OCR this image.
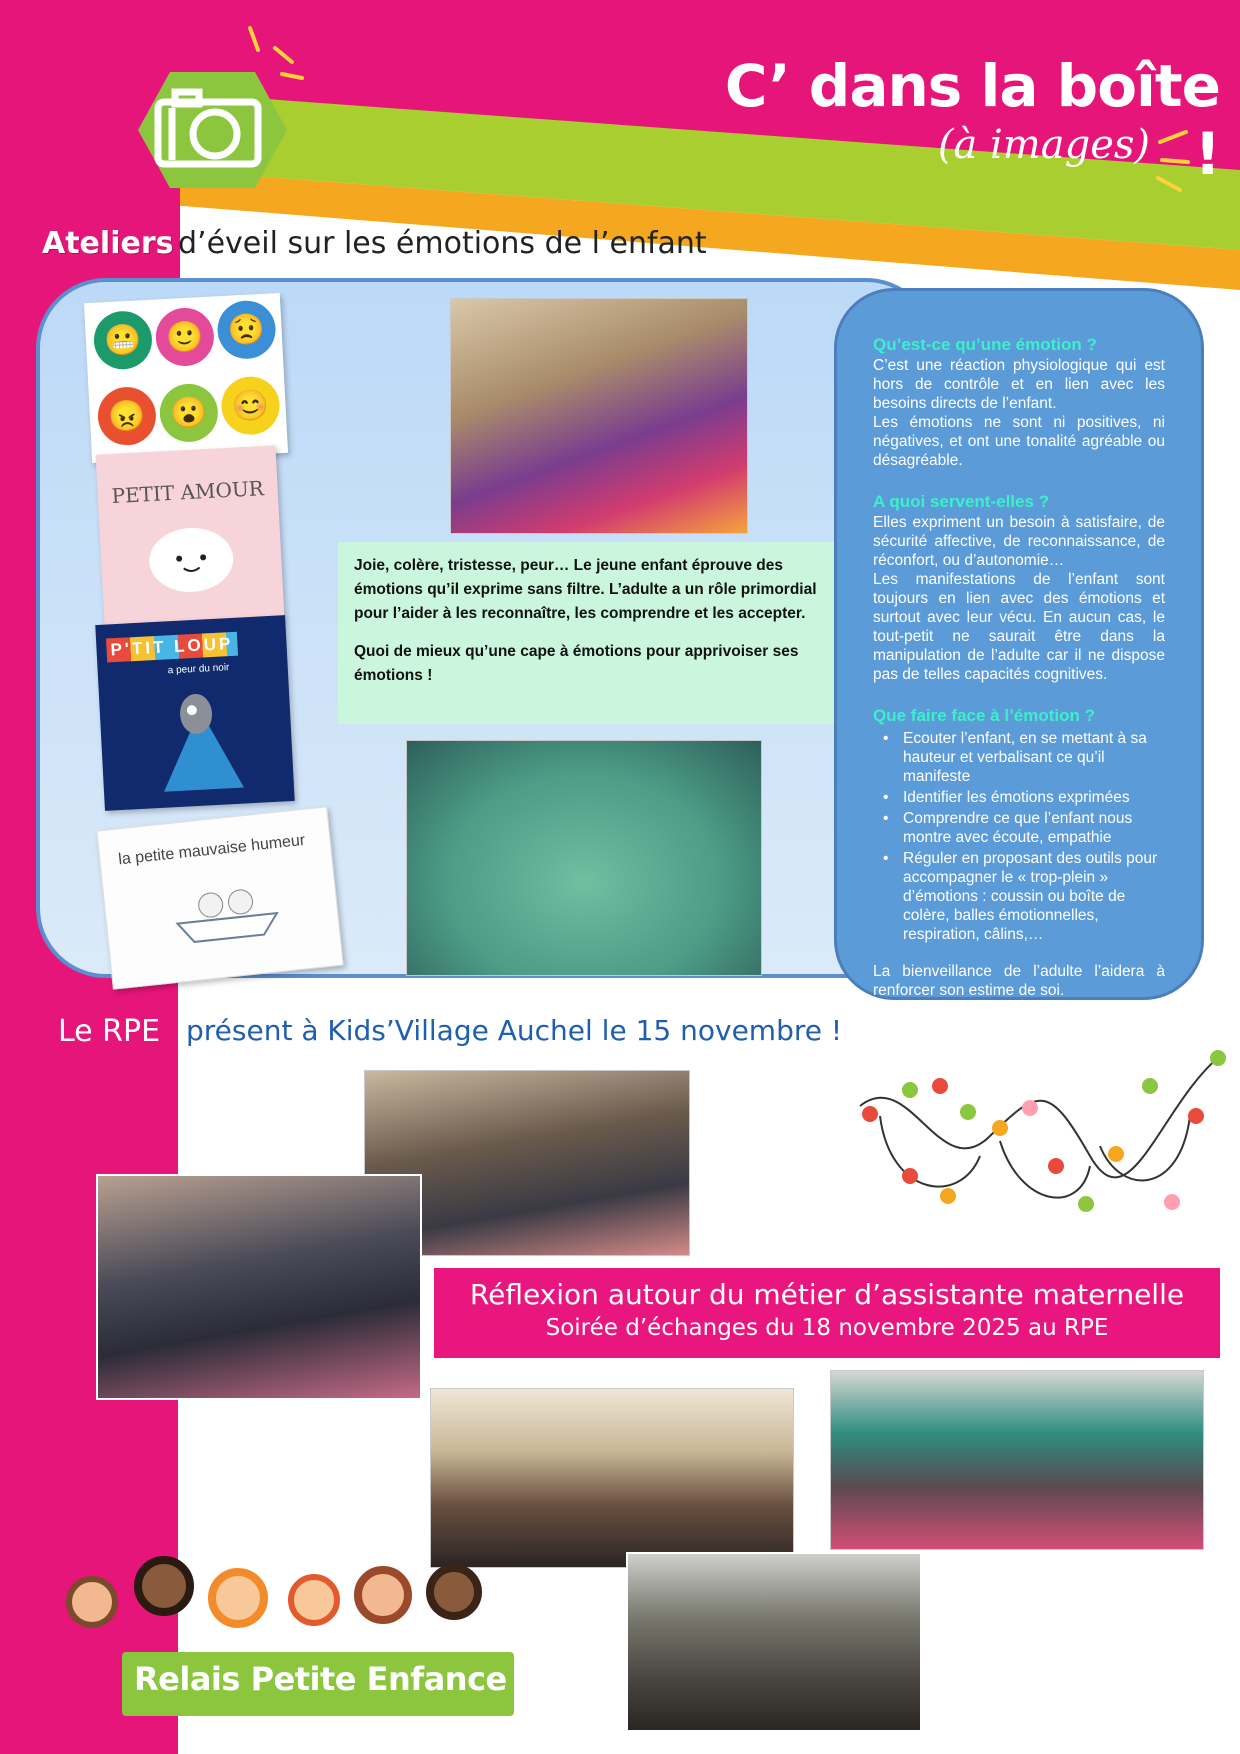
C’ dans la boîte !
(à images)
Ateliers d’éveil sur les émotions de l’enfant
😬 🙂 😟
😠 😮 😊
PETIT AMOUR
P'TIT LOUP
a peur du noir
la petite mauvaise humeur

Joie, colère, tristesse, peur… Le jeune enfant éprouve des émotions qu’il exprime sans filtre. L’adulte a un rôle primordial pour l’aider à les reconnaître, les comprendre et les accepter.

Quoi de mieux qu’une cape à émotions pour apprivoiser ses émotions !

Qu’est-ce qu’une émotion ?
C’est une réaction physiologique qui est hors de contrôle et en lien avec les besoins directs de l’enfant.
Les émotions ne sont ni positives, ni négatives, et ont une tonalité agréable ou désagréable.
A quoi servent-elles ?
Elles expriment un besoin à satisfaire, de sécurité affective, de reconnaissance, de réconfort, ou d’autonomie…
Les manifestations de l’enfant sont toujours en lien avec des émotions et surtout avec leur vécu. En aucun cas, le tout-petit ne saurait être dans la manipulation de l’adulte car il ne dispose pas de telles capacités cognitives.
Que faire face à l’émotion ?
• Ecouter l’enfant, en se mettant à sa hauteur et verbalisant ce qu’il manifeste
• Identifier les émotions exprimées
• Comprendre ce que l’enfant nous montre avec écoute, empathie
• Réguler en proposant des outils pour accompagner le « trop-plein » d’émotions : coussin ou boîte de colère, balles émotionnelles, respiration, câlins,…
La bienveillance de l’adulte l’aidera à renforcer son estime de soi.
Le RPE présent à Kids’Village Auchel le 15 novembre !
Réflexion autour du métier d’assistante maternelle
Soirée d’échanges du 18 novembre 2025 au RPE
Relais Petite Enfance
